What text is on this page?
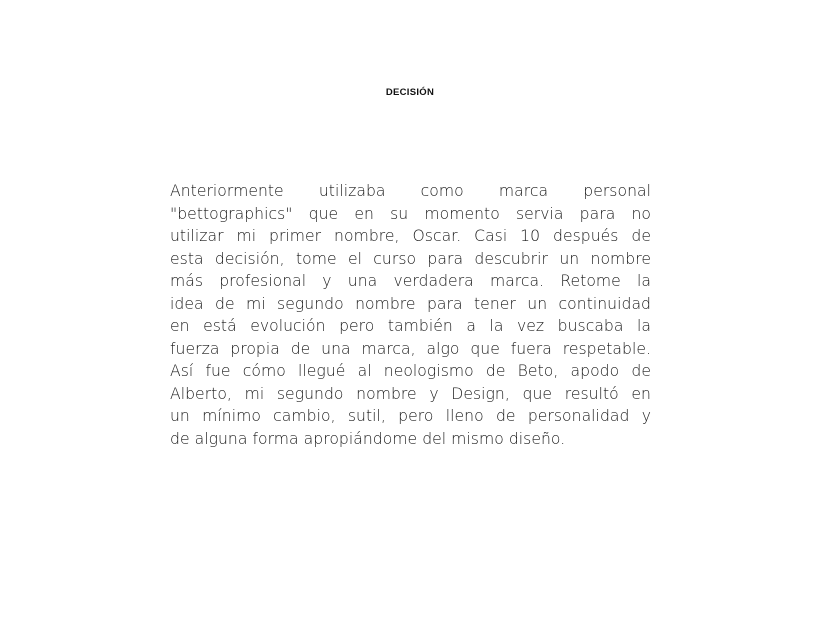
DECISIÓN
Anteriormente utilizaba como marca personal
"bettographics" que en su momento servia para no
utilizar mi primer nombre, Oscar. Casi 10 después de
esta decisión, tome el curso para descubrir un nombre
más profesional y una verdadera marca. Retome la
idea de mi segundo nombre para tener un continuidad
en está evolución pero también a la vez buscaba la
fuerza propia de una marca, algo que fuera respetable.
Así fue cómo llegué al neologismo de Beto, apodo de
Alberto, mi segundo nombre y Design, que resultó en
un mínimo cambio, sutil, pero lleno de personalidad y
de alguna forma apropiándome del mismo diseño.
